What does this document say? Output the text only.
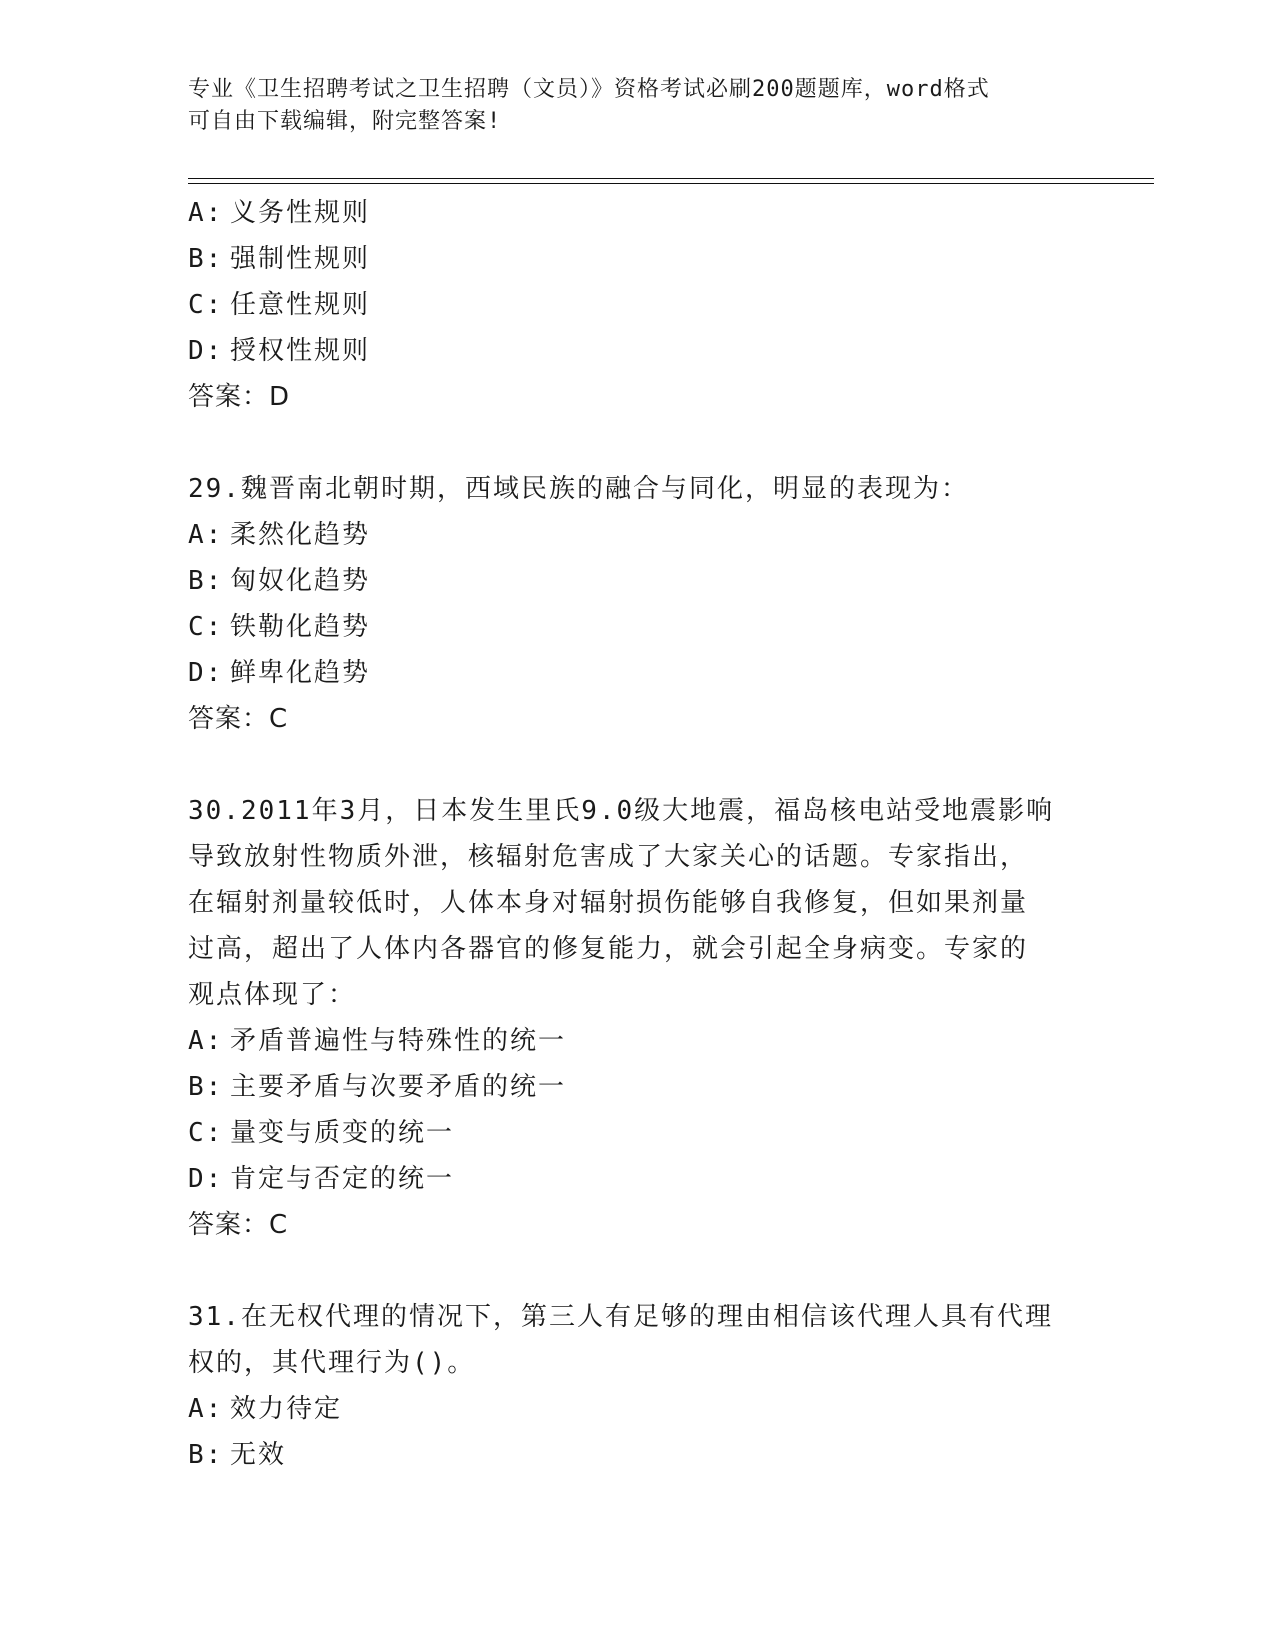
专业《卫生招聘考试之卫生招聘（文员）》资格考试必刷200题题库，word格式
可自由下载编辑，附完整答案!
A: 义务性规则
B: 强制性规则
C: 任意性规则
D: 授权性规则
答案：D
29.魏晋南北朝时期，西域民族的融合与同化，明显的表现为：
A: 柔然化趋势
B: 匈奴化趋势
C: 铁勒化趋势
D: 鲜卑化趋势
答案：C
30.2011年3月，日本发生里氏9.0级大地震，福岛核电站受地震影响
导致放射性物质外泄，核辐射危害成了大家关心的话题。专家指出，
在辐射剂量较低时，人体本身对辐射损伤能够自我修复，但如果剂量
过高，超出了人体内各器官的修复能力，就会引起全身病变。专家的
观点体现了：
A: 矛盾普遍性与特殊性的统一
B: 主要矛盾与次要矛盾的统一
C: 量变与质变的统一
D: 肯定与否定的统一
答案：C
31.在无权代理的情况下，第三人有足够的理由相信该代理人具有代理
权的，其代理行为()。
A: 效力待定
B: 无效
